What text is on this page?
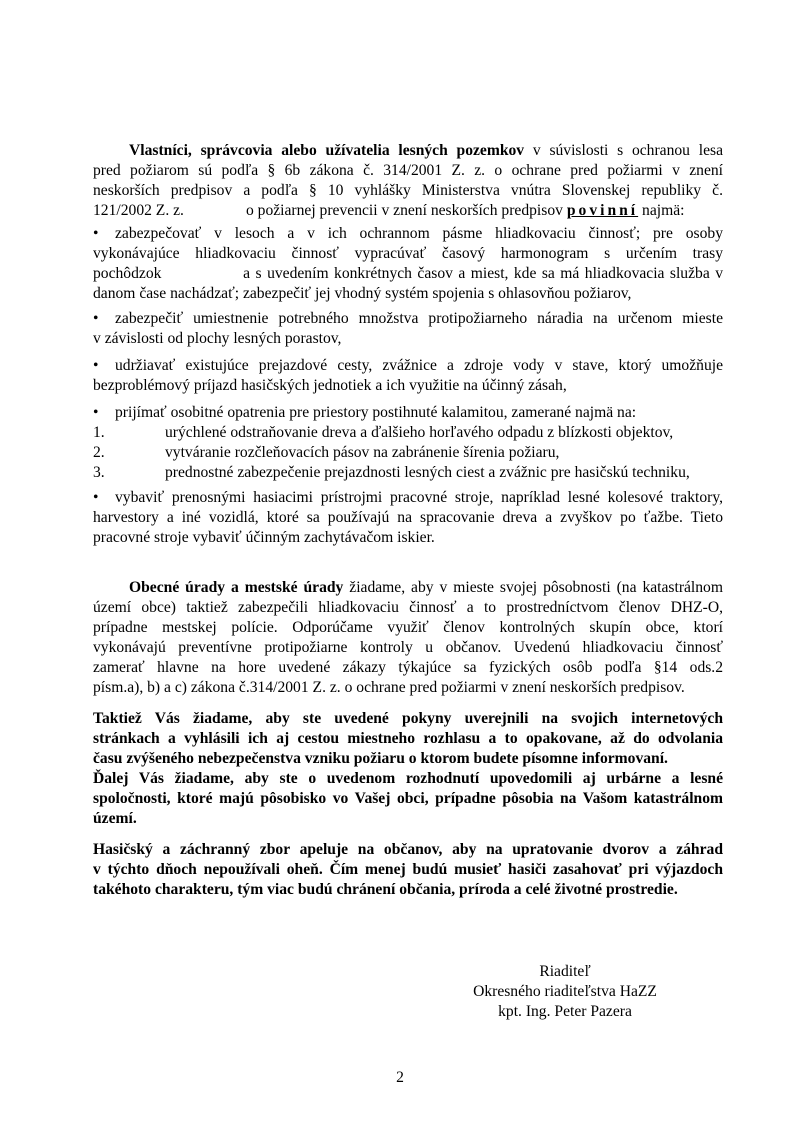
Vlastníci, správcovia alebo užívatelia lesných pozemkov v súvislosti s ochranou lesa
pred požiarom sú podľa § 6b zákona č. 314/2001 Z. z. o ochrane pred požiarmi v znení
neskorších predpisov a podľa § 10 vyhlášky Ministerstva vnútra Slovenskej republiky č.
121/2002 Z. z.	o požiarnej prevencii v znení neskorších predpisov povinní najmä:
• zabezpečovať v lesoch a v ich ochrannom pásme hliadkovaciu činnosť; pre osoby
vykonávajúce hliadkovaciu činnosť vypracúvať časový harmonogram s určením trasy
pochôdzok               a s uvedením konkrétnych časov a miest, kde sa má hliadkovacia služba v
danom čase nachádzať; zabezpečiť jej vhodný systém spojenia s ohlasovňou požiarov,
• zabezpečiť umiestnenie potrebného množstva protipožiarneho náradia na určenom mieste
v závislosti od plochy lesných porastov,
• udržiavať existujúce prejazdové cesty, zvážnice a zdroje vody v stave, ktorý umožňuje
bezproblémový príjazd hasičských jednotiek a ich využitie na účinný zásah,
• prijímať osobitné opatrenia pre priestory postihnuté kalamitou, zamerané najmä na:
1.	urýchlené odstraňovanie dreva a ďalšieho horľavého odpadu z blízkosti objektov,
2.	vytváranie rozčleňovacích pásov na zabránenie šírenia požiaru,
3.	prednostné zabezpečenie prejazdnosti lesných ciest a zvážnic pre hasičskú techniku,
• vybaviť prenosnými hasiacimi prístrojmi pracovné stroje, napríklad lesné kolesové traktory,
harvestory a iné vozidlá, ktoré sa používajú na spracovanie dreva a zvyškov po ťažbe. Tieto
pracovné stroje vybaviť účinným zachytávačom iskier.
Obecné úrady a mestské úrady žiadame, aby v mieste svojej pôsobnosti (na katastrálnom
území obce) taktiež zabezpečili hliadkovaciu činnosť a to prostredníctvom členov DHZ-O,
prípadne mestskej polície. Odporúčame využiť členov kontrolných skupín obce, ktorí
vykonávajú preventívne protipožiarne kontroly u občanov. Uvedenú hliadkovaciu činnosť
zamerať hlavne na hore uvedené zákazy týkajúce sa fyzických osôb podľa §14 ods.2
písm.a), b) a c) zákona č.314/2001 Z. z. o ochrane pred požiarmi v znení neskorších predpisov.
Taktiež Vás žiadame, aby ste uvedené pokyny uverejnili na svojich internetových
stránkach a vyhlásili ich aj cestou miestneho rozhlasu a to opakovane, až do odvolania
času zvýšeného nebezpečenstva vzniku požiaru o ktorom budete písomne informovaní.
Ďalej Vás žiadame, aby ste o uvedenom rozhodnutí upovedomili aj urbárne a lesné
spoločnosti, ktoré majú pôsobisko vo Vašej obci, prípadne pôsobia na Vašom katastrálnom
území.
Hasičský a záchranný zbor apeluje na občanov, aby na upratovanie dvorov a záhrad
v týchto dňoch nepoužívali oheň. Čím menej budú musieť hasiči zasahovať pri výjazdoch
takéhoto charakteru, tým viac budú chránení občania, príroda a celé životné prostredie.
Riaditeľ
Okresného riaditeľstva HaZZ
kpt. Ing. Peter Pazera
2
